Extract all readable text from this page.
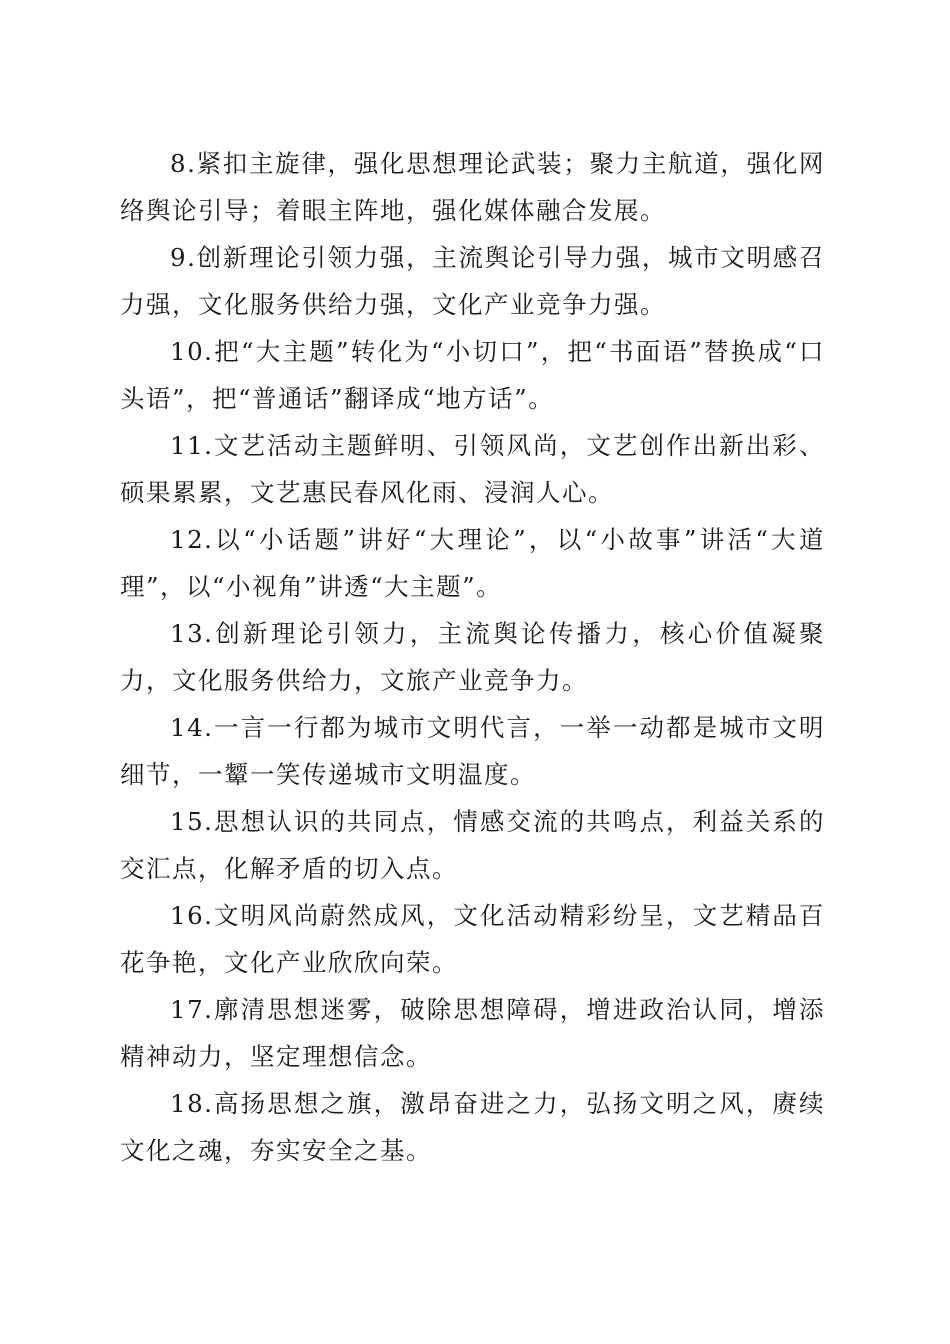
8.紧扣主旋律，强化思想理论武装；聚力主航道，强化网络舆论引导；着眼主阵地，强化媒体融合发展。

9.创新理论引领力强，主流舆论引导力强，城市文明感召力强，文化服务供给力强，文化产业竞争力强。

10.把“大主题”转化为“小切口”，把“书面语”替换成“口头语”，把“普通话”翻译成“地方话”。

11.文艺活动主题鲜明、引领风尚，文艺创作出新出彩、硕果累累，文艺惠民春风化雨、浸润人心。

12.以“小话题”讲好“大理论”，以“小故事”讲活“大道理”，以“小视角”讲透“大主题”。

13.创新理论引领力，主流舆论传播力，核心价值凝聚力，文化服务供给力，文旅产业竞争力。

14.一言一行都为城市文明代言，一举一动都是城市文明细节，一颦一笑传递城市文明温度。

15.思想认识的共同点，情感交流的共鸣点，利益关系的交汇点，化解矛盾的切入点。

16.文明风尚蔚然成风，文化活动精彩纷呈，文艺精品百花争艳，文化产业欣欣向荣。

17.廓清思想迷雾，破除思想障碍，增进政治认同，增添精神动力，坚定理想信念。

18.高扬思想之旗，激昂奋进之力，弘扬文明之风，赓续文化之魂，夯实安全之基。
